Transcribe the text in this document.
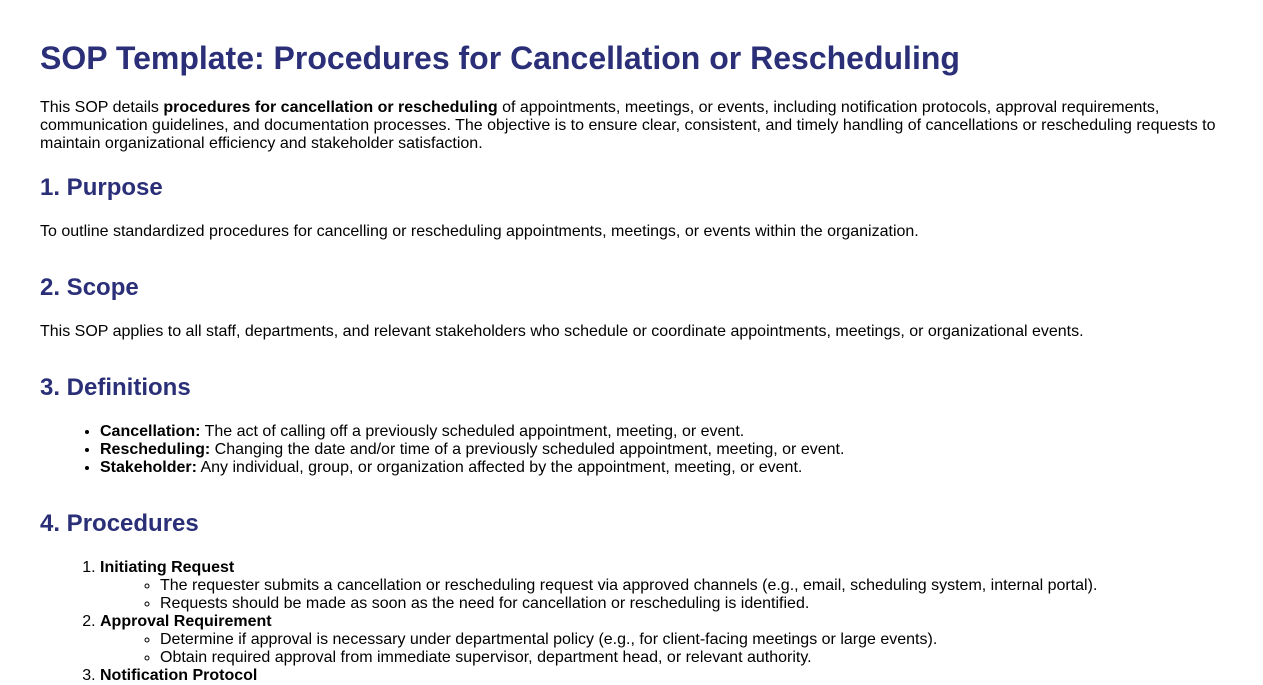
SOP Template: Procedures for Cancellation or Rescheduling

This SOP details procedures for cancellation or rescheduling of appointments, meetings, or events, including notification protocols, approval requirements, communication guidelines, and documentation processes. The objective is to ensure clear, consistent, and timely handling of cancellations or rescheduling requests to maintain organizational efficiency and stakeholder satisfaction.

1. Purpose

To outline standardized procedures for cancelling or rescheduling appointments, meetings, or events within the organization.

2. Scope

This SOP applies to all staff, departments, and relevant stakeholders who schedule or coordinate appointments, meetings, or organizational events.

3. Definitions
• Cancellation: The act of calling off a previously scheduled appointment, meeting, or event.
• Rescheduling: Changing the date and/or time of a previously scheduled appointment, meeting, or event.
• Stakeholder: Any individual, group, or organization affected by the appointment, meeting, or event.
4. Procedures
1. Initiating Request
◦ The requester submits a cancellation or rescheduling request via approved channels (e.g., email, scheduling system, internal portal).
◦ Requests should be made as soon as the need for cancellation or rescheduling is identified.
2. Approval Requirement
◦ Determine if approval is necessary under departmental policy (e.g., for client-facing meetings or large events).
◦ Obtain required approval from immediate supervisor, department head, or relevant authority.
3. Notification Protocol
